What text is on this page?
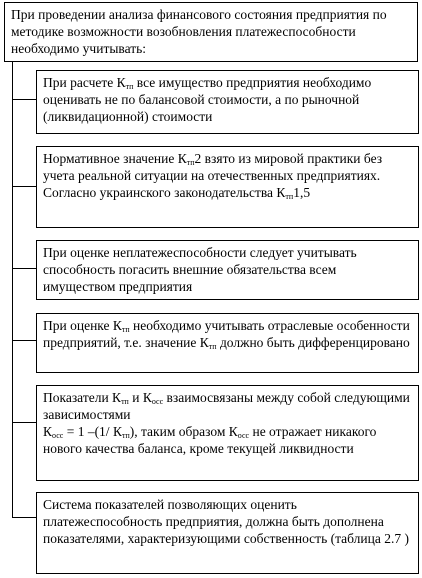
При проведении анализа финансового состояния предприятия по методике возможности возобновления платежеспособности необходимо учитывать:
При расчете $К_{тп}$ все имущество предприятия необходимо оценивать не по балансовой стоимости, а по рыночной (ликвидационной) стоимости
Нормативное значение $К_{тп}2$ взято из мировой практики без учета реальной ситуации на отечественных предприятиях. Согласно украинского законодательства $К_{тп}1,5$
При оценке неплатежеспособности следует учитывать способность погасить внешние обязательства всем имуществом предприятия
При оценке $К_{тп}$ необходимо учитывать отраслевые особенности предприятий, т.е. значение $К_{тп}$ должно быть дифференцировано
Показатели $К_{тп}$ и $К_{осс}$ взаимосвязаны между собой следующими зависимостями
$К_{осс} = 1$ –(1/ $К_{тп}$), таким образом $К_{осс}$ не отражает никакого нового качества баланса, кроме текущей ликвидности
Система показателей позволяющих оценить платежеспособность предприятия, должна быть дополнена показателями, характеризующими собственность (таблица 2.7 )
